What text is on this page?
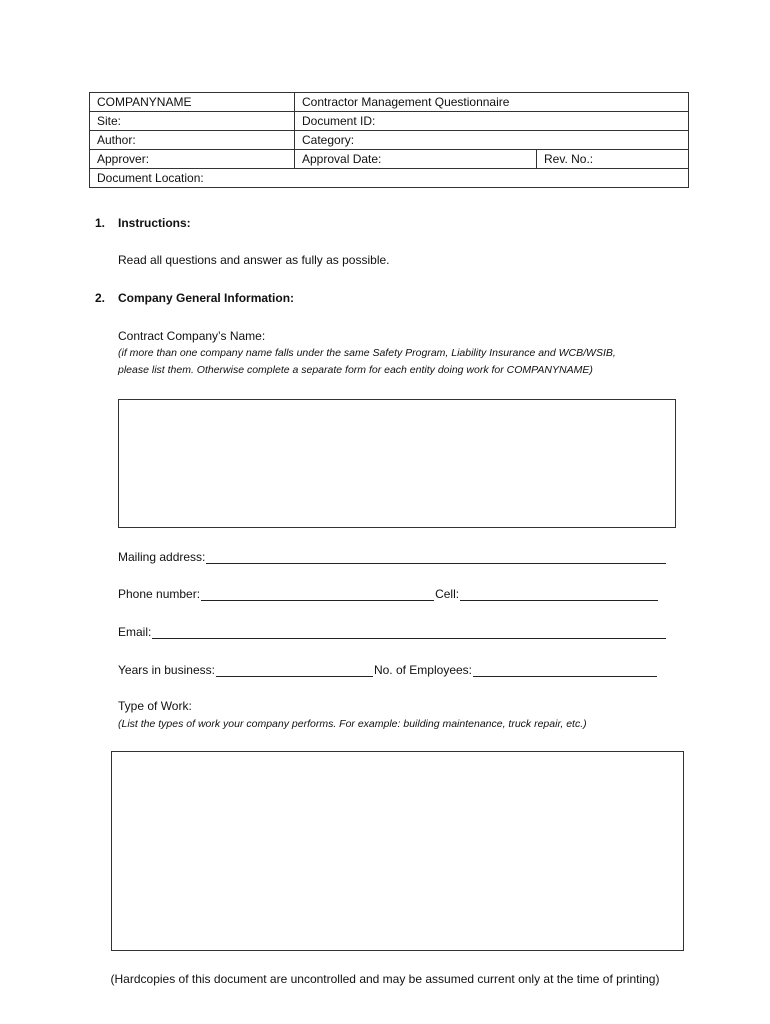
COMPANYNAME	Contractor Management Questionnaire	
Site:	Document ID:	
Author:	Category:	
Approver:	Approval Date:	Rev. No.:
Document Location:		
1. Instructions:
Read all questions and answer as fully as possible.
2. Company General Information:
Contract Company’s Name:
(if more than one company name falls under the same Safety Program, Liability Insurance and WCB/WSIB,
please list them. Otherwise complete a separate form for each entity doing work for COMPANYNAME)
Mailing address:
Phone number:	Cell:
Email:
Years in business:	No. of Employees:
Type of Work:
(List the types of work your company performs. For example: building maintenance, truck repair, etc.)
(Hardcopies of this document are uncontrolled and may be assumed current only at the time of printing)
